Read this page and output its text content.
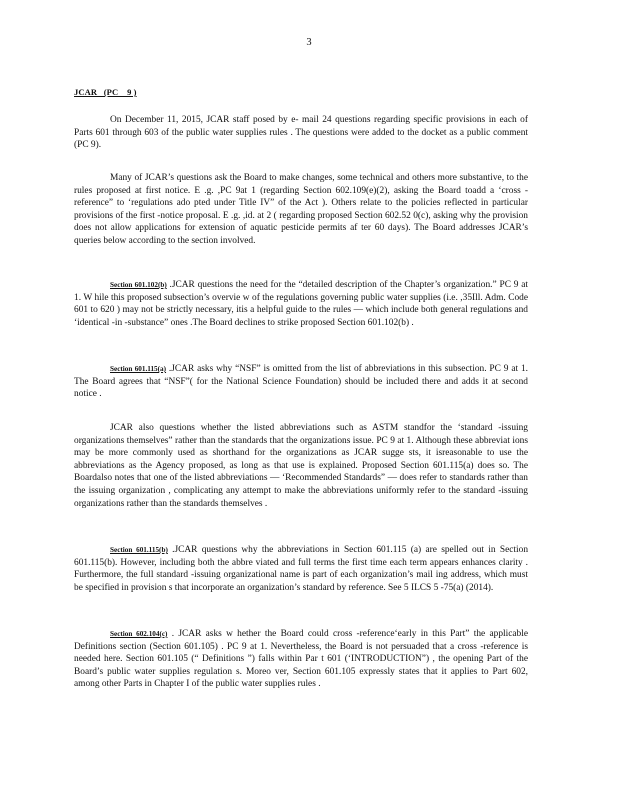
3
JCAR   (PC    9 )

On December 11, 2015, JCAR staff posed by e- mail 24 questions regarding specific provisions in each of Parts 601 through 603 of the public water supplies rules . The questions were added to the docket as a public comment (PC 9).

Many of JCAR’s questions ask the Board to make changes, some technical and others more substantive, to the rules proposed at first notice. E .g. ,PC 9at 1 (regarding Section 602.109(e)(2), asking the Board toadd a ‘cross - reference” to ‘regulations ado pted under Title IV” of the Act ). Others relate to the policies reflected in particular provisions of the first -notice proposal. E .g. ,id. at 2 ( regarding proposed Section 602.52 0(c), asking why the provision does not allow applications for extension of aquatic pesticide permits af ter 60 days). The Board addresses JCAR’s queries below according to the section involved.

Section 601.102(b) .JCAR questions the need for the “detailed description of the Chapter’s organization.” PC 9 at 1. W hile this proposed subsection’s overvie w of the regulations governing public water supplies (i.e. ,35Ill. Adm. Code 601 to 620 ) may not be strictly necessary, itis a helpful guide to the rules — which include both general regulations and ‘identical -in -substance” ones .The Board declines to strike proposed Section 601.102(b) .

Section 601.115(a) .JCAR asks why “NSF” is omitted from the list of abbreviations in this subsection. PC 9 at 1. The Board agrees that “NSF”( for the National Science Foundation) should be included there and adds it at second notice .

JCAR also questions whether the listed abbreviations such as ASTM standfor the ‘standard -issuing organizations themselves” rather than the standards that the organizations issue. PC 9 at 1. Although these abbreviat ions may be more commonly used as shorthand for the organizations as JCAR sugge sts, it isreasonable to use the abbreviations as the Agency proposed, as long as that use is explained. Proposed Section 601.115(a) does so. The Boardalso notes that one of the listed abbreviations — ‘Recommended Standards” — does refer to standards rather than the issuing organization , complicating any attempt to make the abbreviations uniformly refer to the standard -issuing organizations rather than the standards themselves .

Section 601.115(b) .JCAR questions why the abbreviations in Section 601.115 (a) are spelled out in Section 601.115(b). However, including both the abbre viated and full terms the first time each term appears enhances clarity . Furthermore, the full standard -issuing organizational name is part of each organization’s mail ing address, which must be specified in provision s that incorporate an organization’s standard by reference. See 5 ILCS 5 -75(a) (2014).

Section 602.104(c) . JCAR asks w hether the Board could cross -reference‘early in this Part” the applicable Definitions section (Section 601.105) . PC 9 at 1. Nevertheless, the Board is not persuaded that a cross -reference is needed here. Section 601.105 (“ Definitions ”) falls within Par t 601 (‘INTRODUCTION”) , the opening Part of the Board’s public water supplies regulation s. Moreo ver, Section 601.105 expressly states that it applies to Part 602, among other Parts in Chapter I of the public water supplies rules .
